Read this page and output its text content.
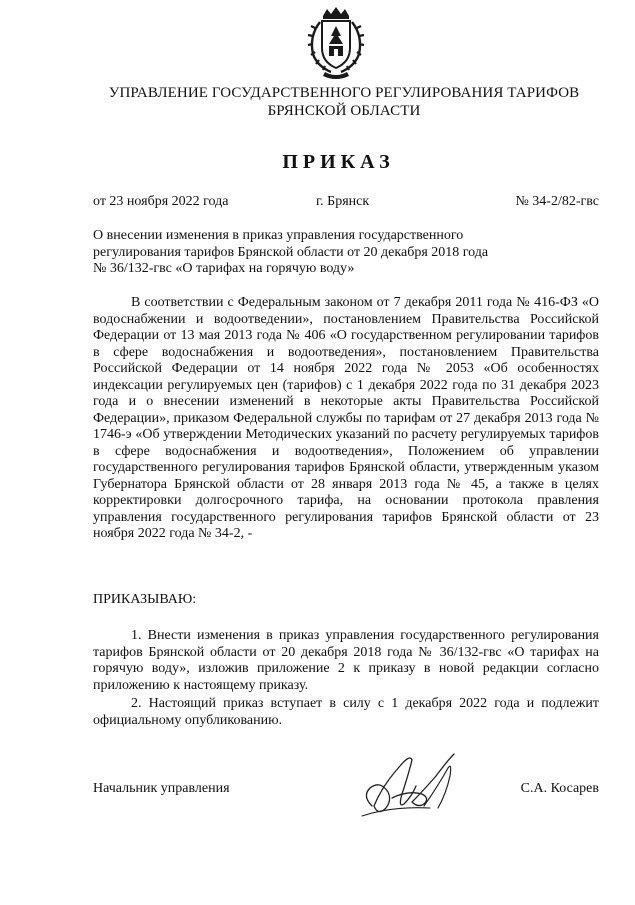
УПРАВЛЕНИЕ ГОСУДАРСТВЕННОГО РЕГУЛИРОВАНИЯ ТАРИФОВ
БРЯНСКОЙ ОБЛАСТИ
ПРИКАЗ
от 23 ноября 2022 года	г. Брянск	№ 34-2/82-гвс
О внесении изменения в приказ управления государственного
регулирования тарифов Брянской области от 20 декабря 2018 года
№ 36/132-гвс «О тарифах на горячую воду»
В соответствии с Федеральным законом от 7 декабря 2011 года № 416-ФЗ «О водоснабжении и водоотведении», постановлением Правительства Российской Федерации от 13 мая 2013 года № 406 «О государственном регулировании тарифов в сфере водоснабжения и водоотведения», постановлением Правительства Российской Федерации от 14 ноября 2022 года № 2053 «Об особенностях индексации регулируемых цен (тарифов) с 1 декабря 2022 года по 31 декабря 2023 года и о внесении изменений в некоторые акты Правительства Российской Федерации», приказом Федеральной службы по тарифам от 27 декабря 2013 года № 1746-э «Об утверждении Методических указаний по расчету регулируемых тарифов в сфере водоснабжения и водоотведения», Положением об управлении государственного регулирования тарифов Брянской области, утвержденным указом Губернатора Брянской области от 28 января 2013 года № 45, а также в целях корректировки долгосрочного тарифа, на основании протокола правления управления государственного регулирования тарифов Брянской области от 23 ноября 2022 года № 34-2, -
ПРИКАЗЫВАЮ:
1. Внести изменения в приказ управления государственного регулирования тарифов Брянской области от 20 декабря 2018 года № 36/132-гвс «О тарифах на горячую воду», изложив приложение 2 к приказу в новой редакции согласно приложению к настоящему приказу.
2. Настоящий приказ вступает в силу с 1 декабря 2022 года и подлежит официальному опубликованию.
Начальник управления	С.А. Косарев
